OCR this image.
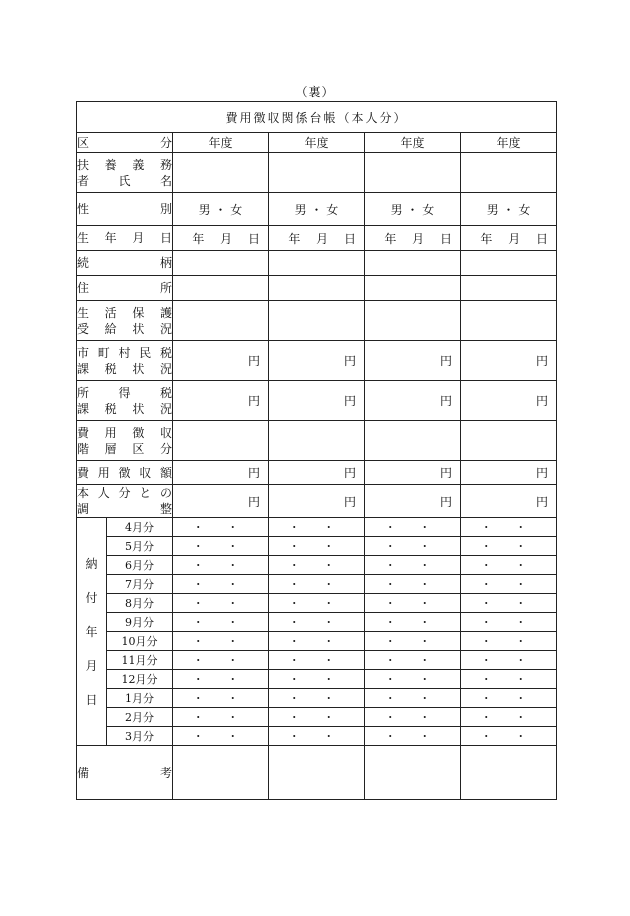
（裏）
費用徴収関係台帳（本人分）					

区分		年度	年度	年度	年度

扶養義務
者氏名					

性別		男 ・ 女	男 ・ 女	男 ・ 女	男 ・ 女

生年月日		年　 月　 日	年　 月　 日	年　 月　 日	年　 月　 日

続柄					

住所					

生活保護
受給状況					

市町村民税
課税状況		円	円	円	円

所得税
課税状況		円	円	円	円

費用徴収
階層区分					

費用徴収額		円	円	円	円

本人分との
調整		円	円	円	円

納
付
年
月
日	4月分	・ ・	・ ・	・ ・	・ ・
	5月分	・ ・	・ ・	・ ・	・ ・
	6月分	・ ・	・ ・	・ ・	・ ・
	7月分	・ ・	・ ・	・ ・	・ ・
	8月分	・ ・	・ ・	・ ・	・ ・
	9月分	・ ・	・ ・	・ ・	・ ・
	10月分	・ ・	・ ・	・ ・	・ ・
	11月分	・ ・	・ ・	・ ・	・ ・
	12月分	・ ・	・ ・	・ ・	・ ・
	1月分	・ ・	・ ・	・ ・	・ ・
	2月分	・ ・	・ ・	・ ・	・ ・
	3月分	・ ・	・ ・	・ ・	・ ・

備考					
